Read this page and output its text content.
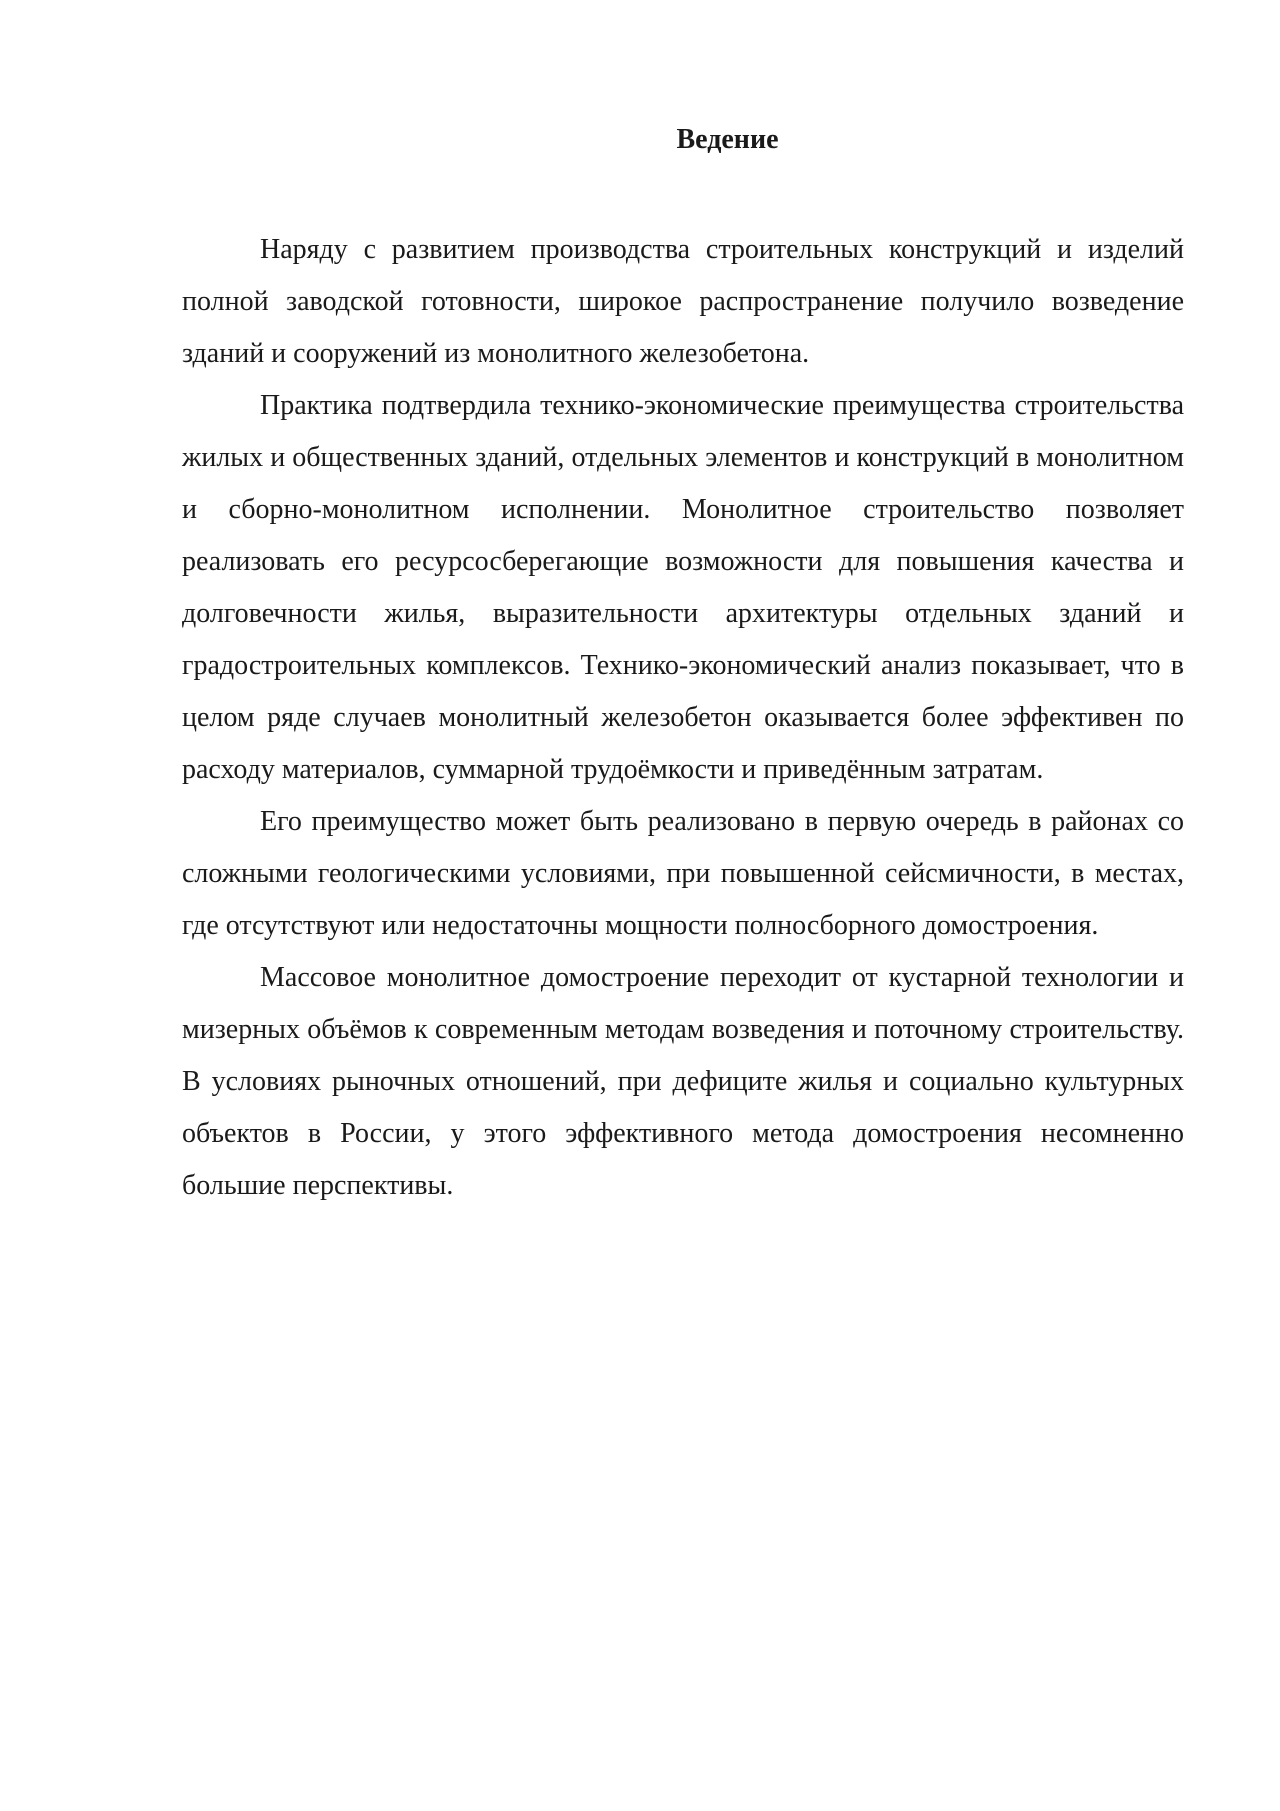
Ведение

Наряду с развитием производства строительных конструкций и изделий полной заводской готовности, широкое распространение получило возведение зданий и сооружений из монолитного железобетона.

Практика подтвердила технико-экономические преимущества строительства жилых и общественных зданий, отдельных элементов и конструкций в монолитном и сборно-монолитном исполнении. Монолитное строительство позволяет реализовать его ресурсосберегающие возможности для повышения качества и долговечности жилья, выразительности архитектуры отдельных зданий и градостроительных комплексов. Технико-экономический анализ показывает, что в целом ряде случаев монолитный железобетон оказывается более эффективен по расходу материалов, суммарной трудоёмкости и приведённым затратам.

Его преимущество может быть реализовано в первую очередь в районах со сложными геологическими условиями, при повышенной сейсмичности, в местах, где отсутствуют или недостаточны мощности полносборного домостроения.

Массовое монолитное домостроение переходит от кустарной технологии и мизерных объёмов к современным методам возведения и поточному строительству. В условиях рыночных отношений, при дефиците жилья и социально культурных объектов в России, у этого эффективного метода домостроения несомненно большие перспективы.
